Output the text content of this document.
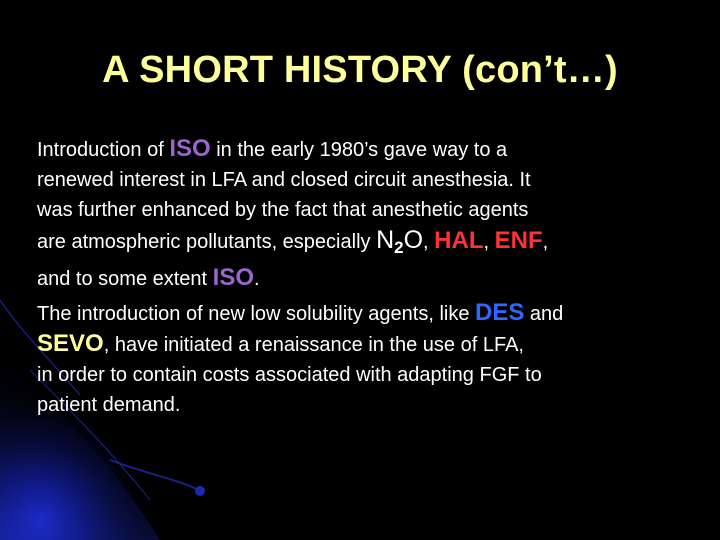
A SHORT HISTORY (con’t…)

Introduction of ISO in the early 1980’s gave way to a
renewed interest in LFA and closed circuit anesthesia. It
was further enhanced by the fact that anesthetic agents
are atmospheric pollutants, especially $N_2O$, HAL, ENF,
and to some extent ISO.

The introduction of new low solubility agents, like DES and
SEVO, have initiated a renaissance in the use of LFA,
in order to contain costs associated with adapting FGF to
patient demand.
